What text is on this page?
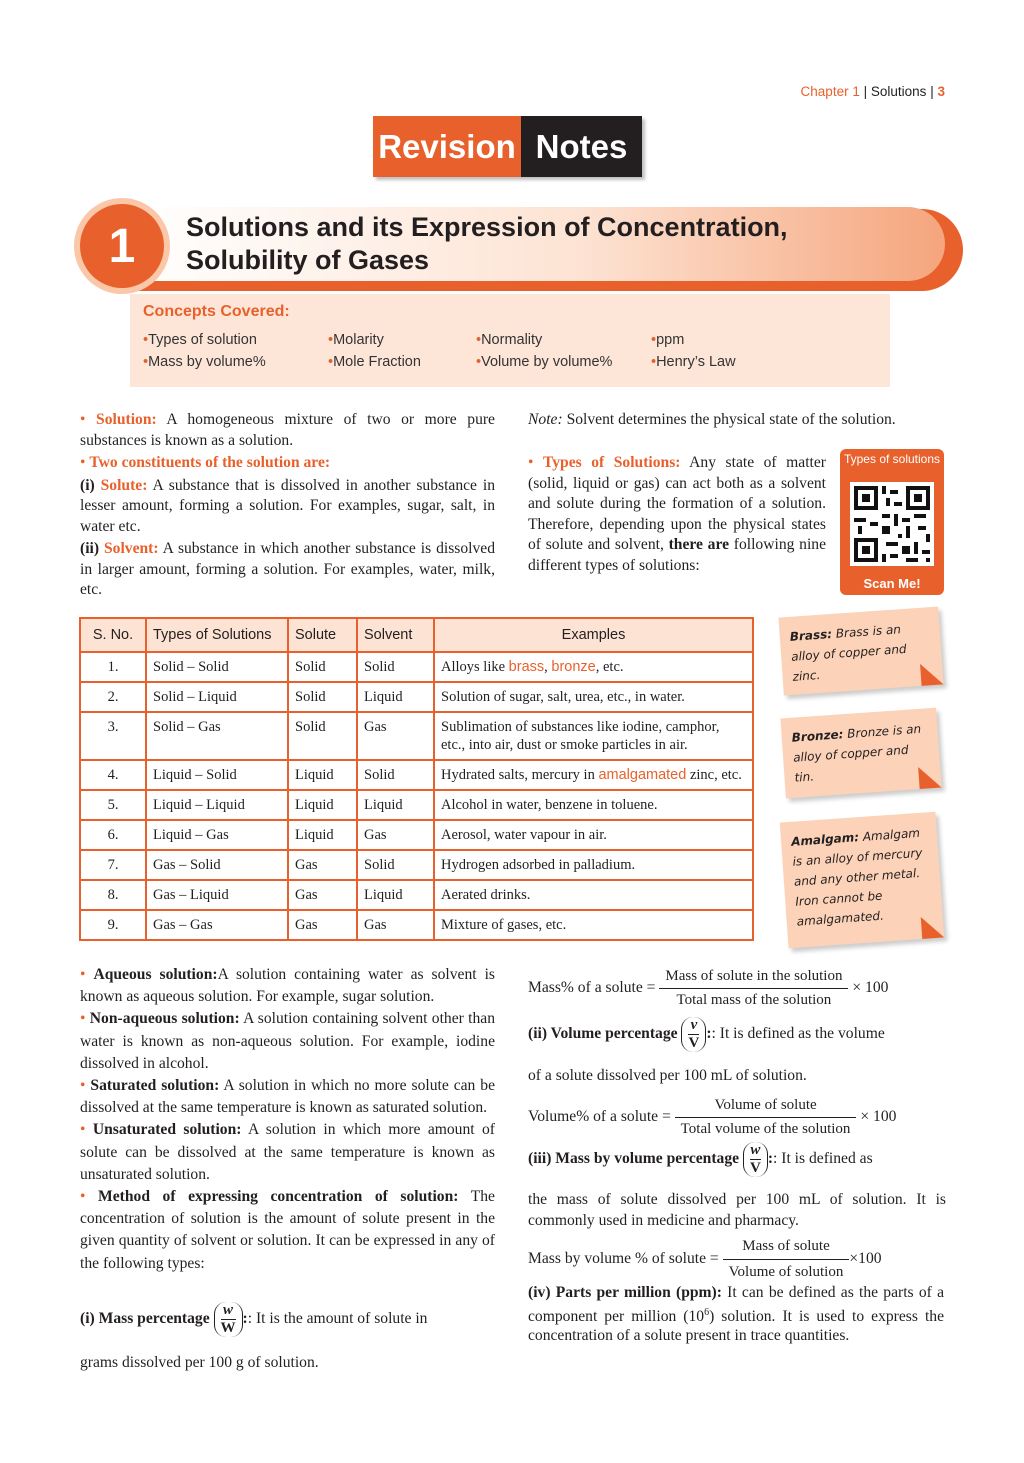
Chapter 1 | Solutions | 3
Revision Notes
1	Solutions and its Expression of Concentration,
Solubility of Gases
Concepts Covered:
• Types of solution	• Molarity	• Normality	• ppm
• Mass by volume%	• Mole Fraction	• Volume by volume%	• Henry’s Law
• Solution: A homogeneous mixture of two or more pure substances is known as a solution.
• Two constituents of the solution are:
(i) Solute: A substance that is dissolved in another substance in lesser amount, forming a solution. For examples, sugar, salt, in water etc.
(ii) Solvent: A substance in which another substance is dissolved in larger amount, forming a solution. For examples, water, milk, etc.
Note: Solvent determines the physical state of the solution.
• Types of Solutions: Any state of matter (solid, liquid or gas) can act both as a solvent and solute during the formation of a solution. Therefore, depending upon the physical states of solute and solvent, there are following nine different types of solutions:
Types of solutions
Scan Me!
S. No.	Types of Solutions	Solute	Solvent	Examples
1.	Solid – Solid	Solid	Solid	Alloys like brass, bronze, etc.
2.	Solid – Liquid	Solid	Liquid	Solution of sugar, salt, urea, etc., in water.
3.	Solid – Gas	Solid	Gas	Sublimation of substances like iodine, camphor, etc., into air, dust or smoke particles in air.
4.	Liquid – Solid	Liquid	Solid	Hydrated salts, mercury in amalgamated zinc, etc.
5.	Liquid – Liquid	Liquid	Liquid	Alcohol in water, benzene in toluene.
6.	Liquid – Gas	Liquid	Gas	Aerosol, water vapour in air.
7.	Gas – Solid	Gas	Solid	Hydrogen adsorbed in palladium.
8.	Gas – Liquid	Gas	Liquid	Aerated drinks.
9.	Gas – Gas	Gas	Gas	Mixture of gases, etc.
Brass: Brass is an alloy of copper and zinc.
Bronze: Bronze is an alloy of copper and tin.
Amalgam: Amalgam is an alloy of mercury and any other metal. Iron cannot be amalgamated.
• Aqueous solution:A solution containing water as solvent is known as aqueous solution. For example, sugar solution.
• Non-aqueous solution: A solution containing solvent other than water is known as non-aqueous solution. For example, iodine dissolved in alcohol.
• Saturated solution: A solution in which no more solute can be dissolved at the same temperature is known as saturated solution.
• Unsaturated solution: A solution in which more amount of solute can be dissolved at the same temperature is known as unsaturated solution.
• Method of expressing concentration of solution: The concentration of solution is the amount of solute present in the given quantity of solvent or solution. It can be expressed in any of the following types:
(i) Mass percentage $\frac{w}{W}$ :: It is the amount of solute in
grams dissolved per 100 g of solution.
Mass% of a solute = $\frac{\text{Mass of solute in the solution}}{\text{Total mass of the solution}} \times 100$
(ii) Volume percentage $\frac{v}{V}$ :: It is defined as the volume
of a solute dissolved per 100 mL of solution.
Volume% of a solute = $\frac{\text{Volume of solute}}{\text{Total volume of the solution}} \times 100$
(iii) Mass by volume percentage $\frac{w}{V}$ :: It is defined as
the mass of solute dissolved per 100 mL of solution. It is commonly used in medicine and pharmacy.
Mass by volume % of solute = $\frac{\text{Mass of solute}}{\text{Volume of solution}} \times 100$
(iv) Parts per million (ppm): It can be defined as the parts of a component per million $(10^6)$ solution. It is used to express the concentration of a solute present in trace quantities.
